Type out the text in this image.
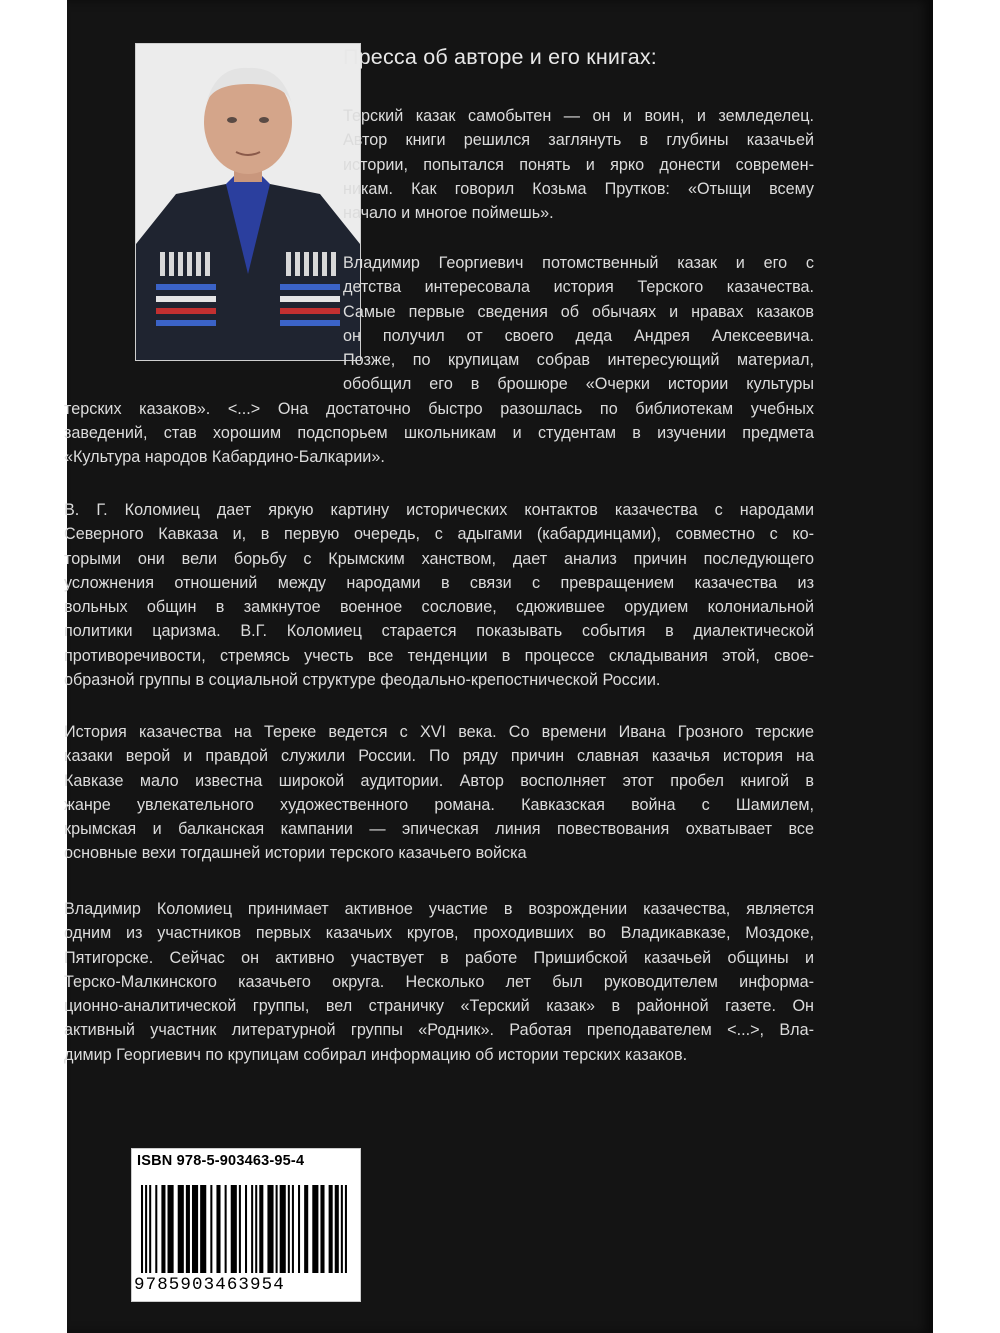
Пресса об авторе и его книгах:

Терский казак самобытен — он и воин, и земледелец.
Автор книги решился заглянуть в глубины казачьей
истории, попытался понять и ярко донести современ-
никам. Как говорил Козьма Прутков: «Отыщи всему
начало и многое поймешь».

Владимир Георгиевич потомственный казак и его с
детства интересовала история Терского казачества.
Самые первые сведения об обычаях и нравах казаков
он получил от своего деда Андрея Алексеевича.
Позже, по крупицам собрав интересующий материал,
обобщил его в брошюре «Очерки истории культуры
терских казаков». <...> Она достаточно быстро разошлась по библиотекам учебных
заведений, став хорошим подспорьем школьникам и студентам в изучении предмета
«Культура народов Кабардино-Балкарии».

В. Г. Коломиец дает яркую картину исторических контактов казачества с народами
Северного Кавказа и, в первую очередь, с адыгами (кабардинцами), совместно с ко-
торыми они вели борьбу с Крымским ханством, дает анализ причин последующего
усложнения отношений между народами в связи с превращением казачества из
вольных общин в замкнутое военное сословие, сдюжившее орудием колониальной
политики царизма. В.Г. Коломиец старается показывать события в диалектической
противоречивости, стремясь учесть все тенденции в процессе складывания этой, свое-
образной группы в социальной структуре феодально-крепостнической России.

История казачества на Тереке ведется с XVI века. Со времени Ивана Грозного терские
казаки верой и правдой служили России. По ряду причин славная казачья история на
Кавказе мало известна широкой аудитории. Автор восполняет этот пробел книгой в
жанре увлекательного художественного романа. Кавказская война с Шамилем,
крымская и балканская кампании — эпическая линия повествования охватывает все
основные вехи тогдашней истории терского казачьего войска

Владимир Коломиец принимает активное участие в возрождении казачества, является
одним из участников первых казачьих кругов, проходивших во Владикавказе, Моздоке,
Пятигорске. Сейчас он активно участвует в работе Пришибской казачьей общины и
Терско-Малкинского казачьего округа. Несколько лет был руководителем информа-
ционно-аналитической группы, вел страничку «Терский казак» в районной газете. Он
активный участник литературной группы «Родник». Работая преподавателем <...>, Вла-
димир Георгиевич по крупицам собирал информацию об истории терских казаков.

ISBN 978-5-903463-95-4
9785903463954
